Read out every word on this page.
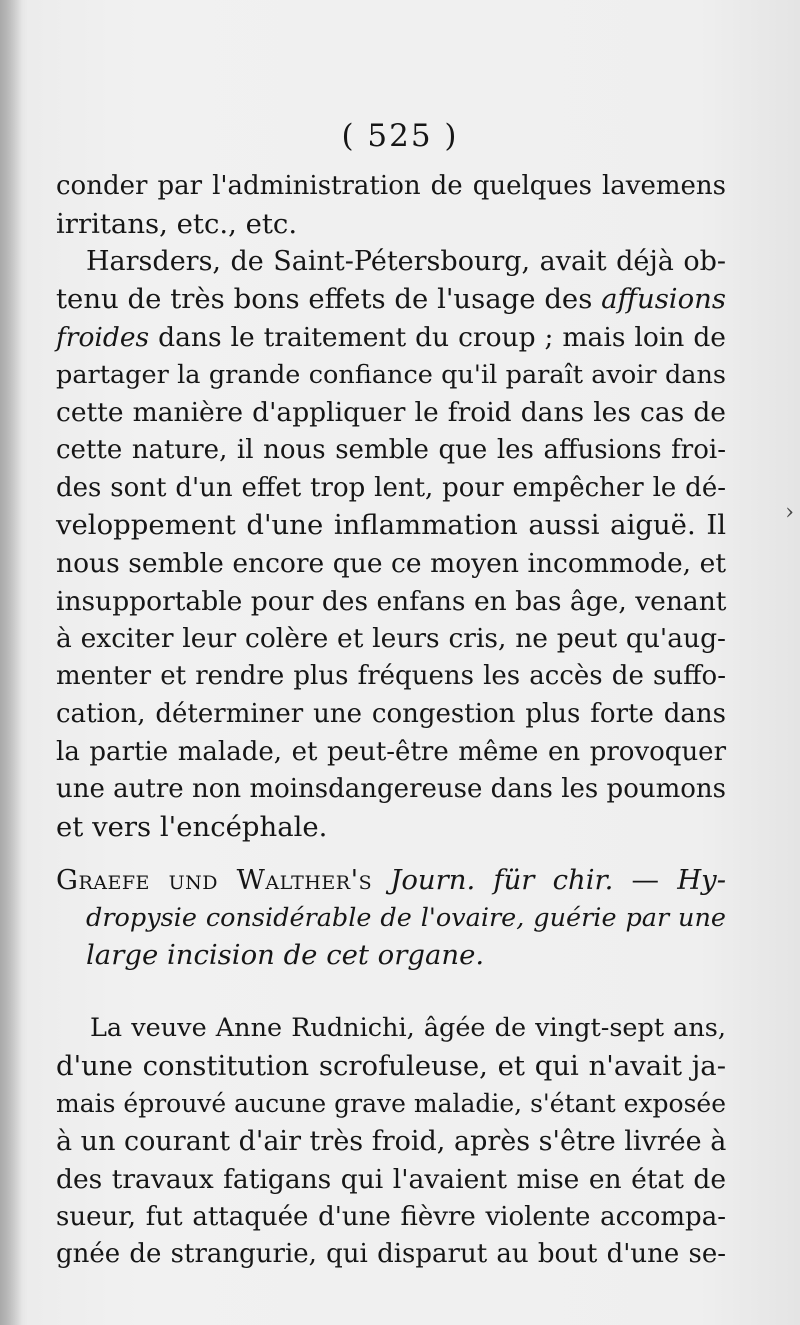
( 525 )
conder par l'administration de quelques lavemens
irritans, etc., etc.
Harsders, de Saint-Pétersbourg, avait déjà ob-
tenu de très bons effets de l'usage des affusions
froides dans le traitement du croup ; mais loin de
partager la grande confiance qu'il paraît avoir dans
cette manière d'appliquer le froid dans les cas de
cette nature, il nous semble que les affusions froi-
des sont d'un effet trop lent, pour empêcher le dé-
veloppement d'une inflammation aussi aiguë. Il
nous semble encore que ce moyen incommode, et
insupportable pour des enfans en bas âge, venant
à exciter leur colère et leurs cris, ne peut qu'aug-
menter et rendre plus fréquens les accès de suffo-
cation, déterminer une congestion plus forte dans
la partie malade, et peut-être même en provoquer
une autre non moinsdangereuse dans les poumons
et vers l'encéphale.
Graefe und Walther's Journ. für chir. — Hy-
dropysie considérable de l'ovaire, guérie par une
large incision de cet organe.
La veuve Anne Rudnichi, âgée de vingt-sept ans,
d'une constitution scrofuleuse, et qui n'avait ja-
mais éprouvé aucune grave maladie, s'étant exposée
à un courant d'air très froid, après s'être livrée à
des travaux fatigans qui l'avaient mise en état de
sueur, fut attaquée d'une fièvre violente accompa-
gnée de strangurie, qui disparut au bout d'une se-
›
